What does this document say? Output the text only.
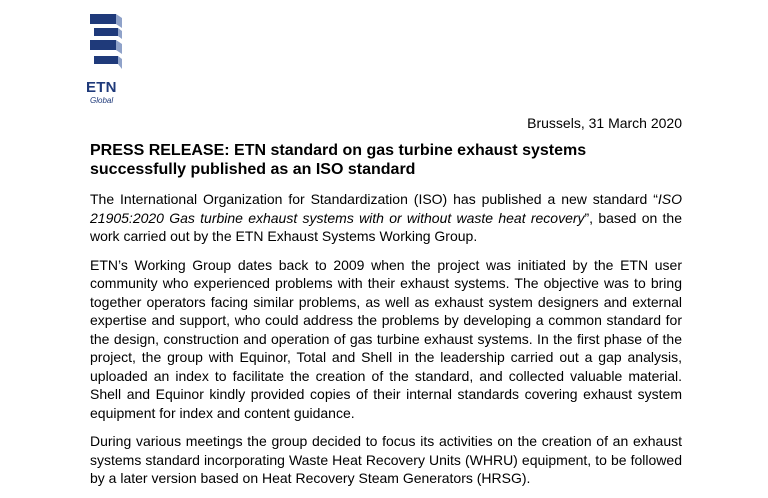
ETN
Global
Brussels, 31 March 2020
PRESS RELEASE: ETN standard on gas turbine exhaust systems
successfully published as an ISO standard

The International Organization for Standardization (ISO) has published a new standard “ISO 21905:2020 Gas turbine exhaust systems with or without waste heat recovery”, based on the work carried out by the ETN Exhaust Systems Working Group.

ETN’s Working Group dates back to 2009 when the project was initiated by the ETN user community who experienced problems with their exhaust systems. The objective was to bring together operators facing similar problems, as well as exhaust system designers and external expertise and support, who could address the problems by developing a common standard for the design, construction and operation of gas turbine exhaust systems. In the first phase of the project, the group with Equinor, Total and Shell in the leadership carried out a gap analysis, uploaded an index to facilitate the creation of the standard, and collected valuable material. Shell and Equinor kindly provided copies of their internal standards covering exhaust system equipment for index and content guidance.

During various meetings the group decided to focus its activities on the creation of an exhaust systems standard incorporating Waste Heat Recovery Units (WHRU) equipment, to be followed by a later version based on Heat Recovery Steam Generators (HRSG).
